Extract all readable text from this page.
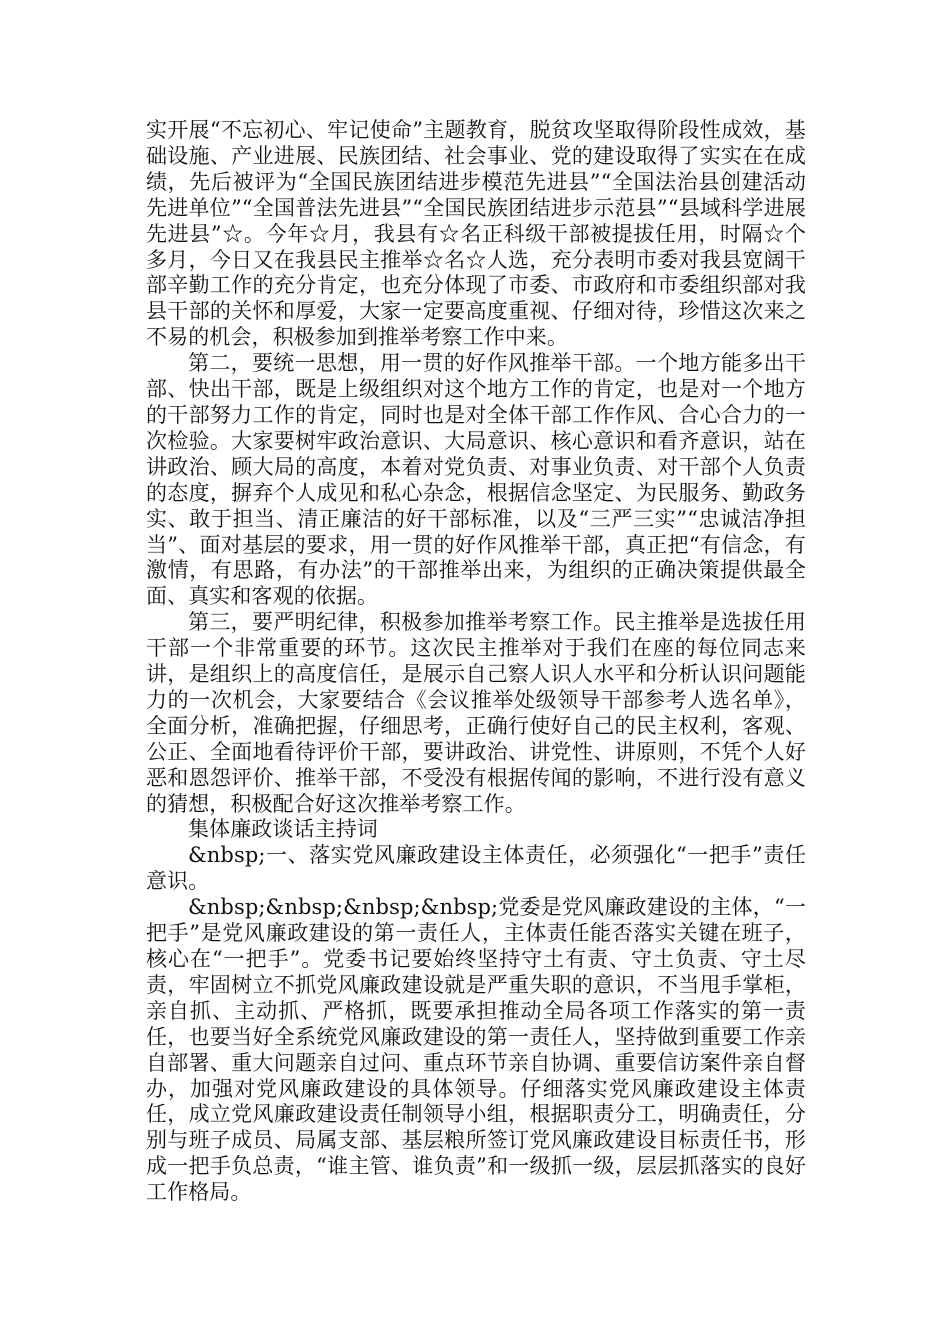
实开展“不忘初心、牢记使命”主题教育，脱贫攻坚取得阶段性成效，基础设施、产业进展、民族团结、社会事业、党的建设取得了实实在在成绩，先后被评为“全国民族团结进步模范先进县”“全国法治县创建活动先进单位”“全国普法先进县”“全国民族团结进步示范县”“县域科学进展先进县”☆。今年☆月，我县有☆名正科级干部被提拔任用，时隔☆个多月，今日又在我县民主推举☆名☆人选，充分表明市委对我县宽阔干部辛勤工作的充分肯定，也充分体现了市委、市政府和市委组织部对我县干部的关怀和厚爱，大家一定要高度重视、仔细对待，珍惜这次来之不易的机会，积极参加到推举考察工作中来。

第二，要统一思想，用一贯的好作风推举干部。一个地方能多出干部、快出干部，既是上级组织对这个地方工作的肯定，也是对一个地方的干部努力工作的肯定，同时也是对全体干部工作作风、合心合力的一次检验。大家要树牢政治意识、大局意识、核心意识和看齐意识，站在讲政治、顾大局的高度，本着对党负责、对事业负责、对干部个人负责的态度，摒弃个人成见和私心杂念，根据信念坚定、为民服务、勤政务实、敢于担当、清正廉洁的好干部标准，以及“三严三实”“忠诚洁净担当”、面对基层的要求，用一贯的好作风推举干部，真正把“有信念，有激情，有思路，有办法”的干部推举出来，为组织的正确决策提供最全面、真实和客观的依据。

第三，要严明纪律，积极参加推举考察工作。民主推举是选拔任用干部一个非常重要的环节。这次民主推举对于我们在座的每位同志来讲，是组织上的高度信任，是展示自己察人识人水平和分析认识问题能力的一次机会，大家要结合《会议推举处级领导干部参考人选名单》，全面分析，准确把握，仔细思考，正确行使好自己的民主权利，客观、公正、全面地看待评价干部，要讲政治、讲党性、讲原则，不凭个人好恶和恩怨评价、推举干部，不受没有根据传闻的影响，不进行没有意义的猜想，积极配合好这次推举考察工作。

集体廉政谈话主持词

&nbsp;一、落实党风廉政建设主体责任，必须强化“一把手”责任意识。

&nbsp;&nbsp;&nbsp;&nbsp;党委是党风廉政建设的主体，“一把手”是党风廉政建设的第一责任人，主体责任能否落实关键在班子，核心在“一把手”。党委书记要始终坚持守土有责、守土负责、守土尽责，牢固树立不抓党风廉政建设就是严重失职的意识，不当甩手掌柜，亲自抓、主动抓、严格抓，既要承担推动全局各项工作落实的第一责任，也要当好全系统党风廉政建设的第一责任人，坚持做到重要工作亲自部署、重大问题亲自过问、重点环节亲自协调、重要信访案件亲自督办，加强对党风廉政建设的具体领导。仔细落实党风廉政建设主体责任，成立党风廉政建设责任制领导小组，根据职责分工，明确责任，分别与班子成员、局属支部、基层粮所签订党风廉政建设目标责任书，形成一把手负总责，“谁主管、谁负责”和一级抓一级，层层抓落实的良好工作格局。
